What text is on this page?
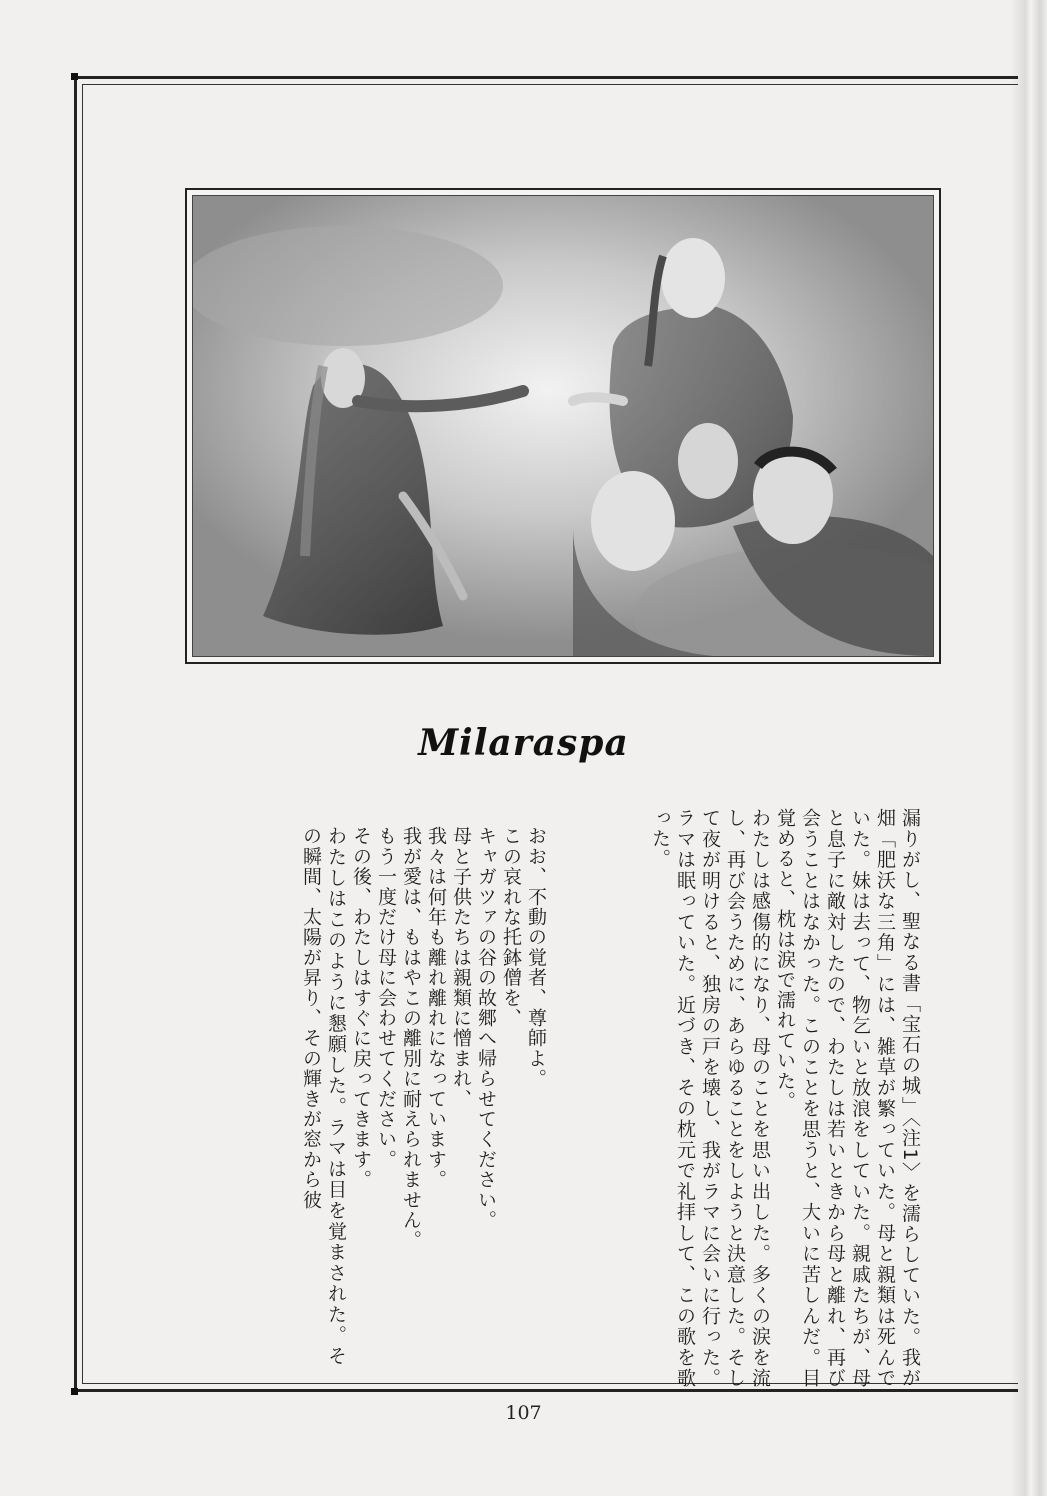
Milaraspa

漏りがし、聖なる書「宝石の城」〈注1〉を濡らしていた。我が畑「肥沃な三角」には、雑草が繁っていた。母と親類は死んでいた。妹は去って、物乞いと放浪をしていた。親戚たちが、母と息子に敵対したので、わたしは若いときから母と離れ、再び会うことはなかった。このことを思うと、大いに苦しんだ。目覚めると、枕は涙で濡れていた。

わたしは感傷的になり、母のことを思い出した。多くの涙を流し、再び会うために、あらゆることをしようと決意した。そして夜が明けると、独房の戸を壊し、我がラマに会いに行った。ラマは眠っていた。近づき、その枕元で礼拝して、この歌を歌った。

おお、不動の覚者、尊師よ。
この哀れな托鉢僧を、
キャガツァの谷の故郷へ帰らせてください。
母と子供たちは親類に憎まれ、
我々は何年も離れ離れになっています。
我が愛は、もはやこの離別に耐えられません。
もう一度だけ母に会わせてください。
その後、わたしはすぐに戻ってきます。

わたしはこのように懇願した。ラマは目を覚まされた。その瞬間、太陽が昇り、その輝きが窓から彼

107
